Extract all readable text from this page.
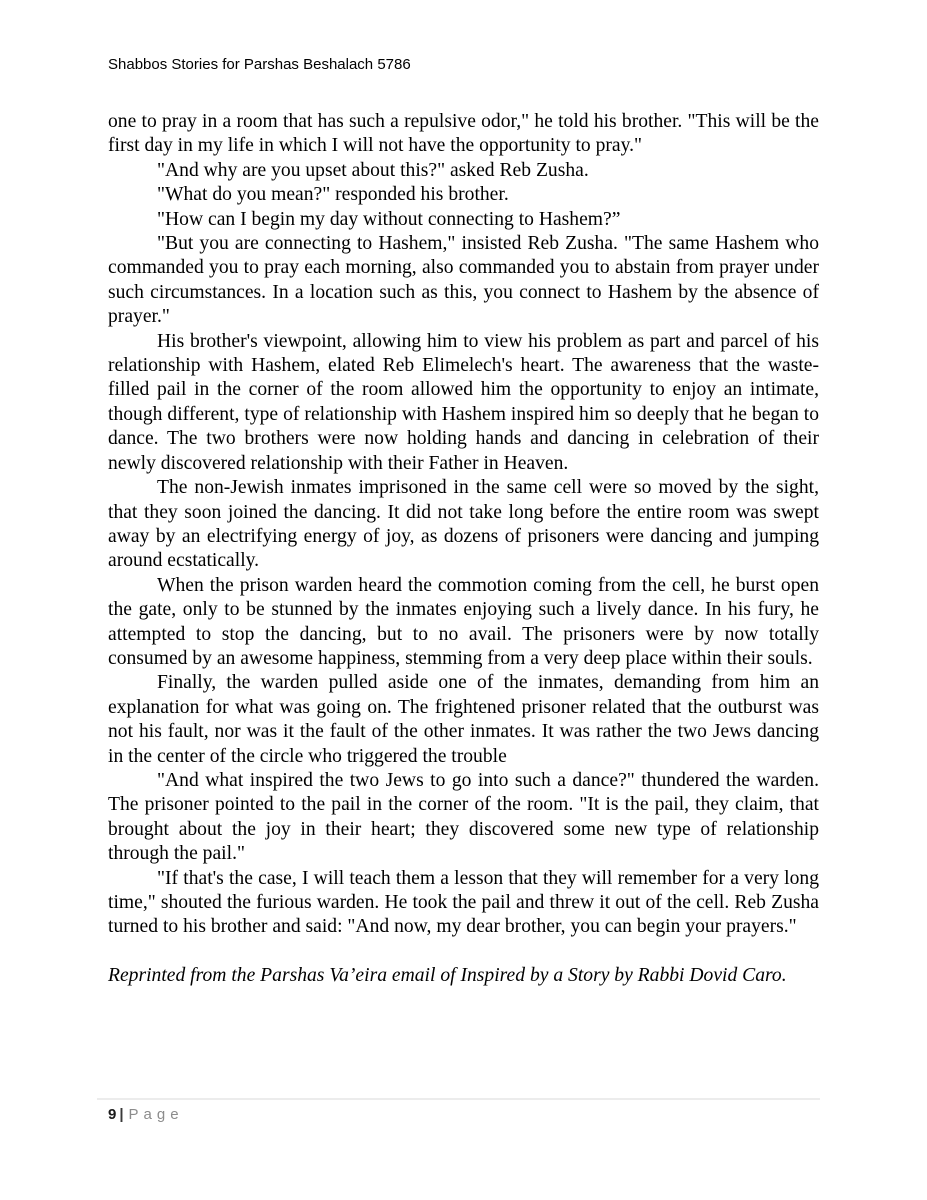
Shabbos Stories for Parshas Beshalach 5786

one to pray in a room that has such a repulsive odor," he told his brother. "This will be the first day in my life in which I will not have the opportunity to pray."

"And why are you upset about this?" asked Reb Zusha.

"What do you mean?" responded his brother.

"How can I begin my day without connecting to Hashem?”

"But you are connecting to Hashem," insisted Reb Zusha. "The same Hashem who commanded you to pray each morning, also commanded you to abstain from prayer under such circumstances. In a location such as this, you connect to Hashem by the absence of prayer."

His brother's viewpoint, allowing him to view his problem as part and parcel of his relationship with Hashem, elated Reb Elimelech's heart. The awareness that the waste-filled pail in the corner of the room allowed him the opportunity to enjoy an intimate, though different, type of relationship with Hashem inspired him so deeply that he began to dance. The two brothers were now holding hands and dancing in celebration of their newly discovered relationship with their Father in Heaven.

The non-Jewish inmates imprisoned in the same cell were so moved by the sight, that they soon joined the dancing. It did not take long before the entire room was swept away by an electrifying energy of joy, as dozens of prisoners were dancing and jumping around ecstatically.

When the prison warden heard the commotion coming from the cell, he burst open the gate, only to be stunned by the inmates enjoying such a lively dance. In his fury, he attempted to stop the dancing, but to no avail. The prisoners were by now totally consumed by an awesome happiness, stemming from a very deep place within their souls.

Finally, the warden pulled aside one of the inmates, demanding from him an explanation for what was going on. The frightened prisoner related that the outburst was not his fault, nor was it the fault of the other inmates. It was rather the two Jews dancing in the center of the circle who triggered the trouble

"And what inspired the two Jews to go into such a dance?" thundered the warden. The prisoner pointed to the pail in the corner of the room. "It is the pail, they claim, that brought about the joy in their heart; they discovered some new type of relationship through the pail."

"If that's the case, I will teach them a lesson that they will remember for a very long time," shouted the furious warden. He took the pail and threw it out of the cell. Reb Zusha turned to his brother and said: "And now, my dear brother, you can begin your prayers."

Reprinted from the Parshas Va’eira email of Inspired by a Story by Rabbi Dovid Caro.

9 | Page
